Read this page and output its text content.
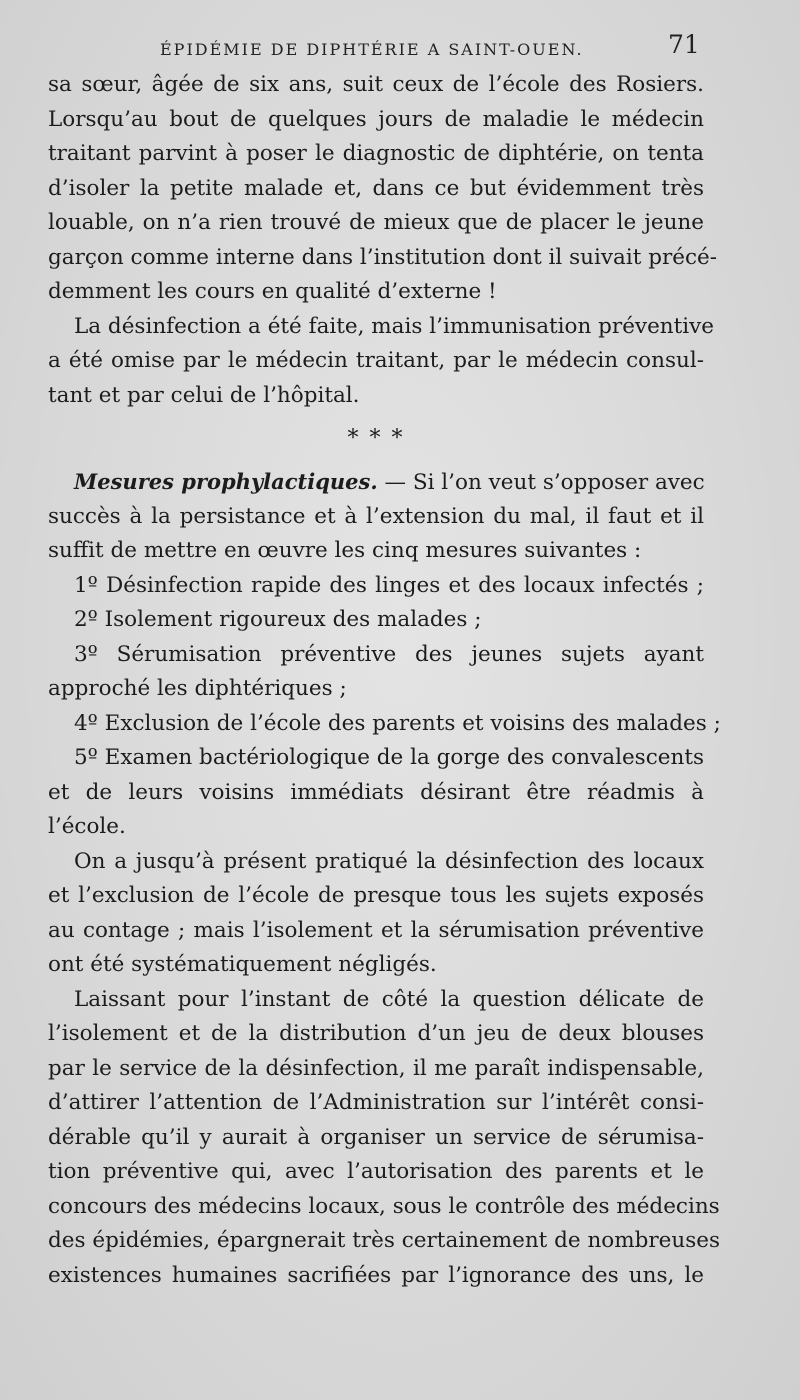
ÉPIDÉMIE DE DIPHTÉRIE A SAINT-OUEN.	71
sa sœur, âgée de six ans, suit ceux de l’école des Rosiers.
Lorsqu’au bout de quelques jours de maladie le médecin
traitant parvint à poser le diagnostic de diphtérie, on tenta
d’isoler la petite malade et, dans ce but évidemment très
louable, on n’a rien trouvé de mieux que de placer le jeune
garçon comme interne dans l’institution dont il suivait précé-
demment les cours en qualité d’externe !
La désinfection a été faite, mais l’immunisation préventive
a été omise par le médecin traitant, par le médecin consul-
tant et par celui de l’hôpital.
* * *
Mesures prophylactiques. — Si l’on veut s’opposer avec
succès à la persistance et à l’extension du mal, il faut et il
suffit de mettre en œuvre les cinq mesures suivantes :
1º Désinfection rapide des linges et des locaux infectés ;
2º Isolement rigoureux des malades ;
3º Sérumisation préventive des jeunes sujets ayant
approché les diphtériques ;
4º Exclusion de l’école des parents et voisins des malades ;
5º Examen bactériologique de la gorge des convalescents
et de leurs voisins immédiats désirant être réadmis à
l’école.
On a jusqu’à présent pratiqué la désinfection des locaux
et l’exclusion de l’école de presque tous les sujets exposés
au contage ; mais l’isolement et la sérumisation préventive
ont été systématiquement négligés.
Laissant pour l’instant de côté la question délicate de
l’isolement et de la distribution d’un jeu de deux blouses
par le service de la désinfection, il me paraît indispensable,
d’attirer l’attention de l’Administration sur l’intérêt consi-
dérable qu’il y aurait à organiser un service de sérumisa-
tion préventive qui, avec l’autorisation des parents et le
concours des médecins locaux, sous le contrôle des médecins
des épidémies, épargnerait très certainement de nombreuses
existences humaines sacrifiées par l’ignorance des uns, le
